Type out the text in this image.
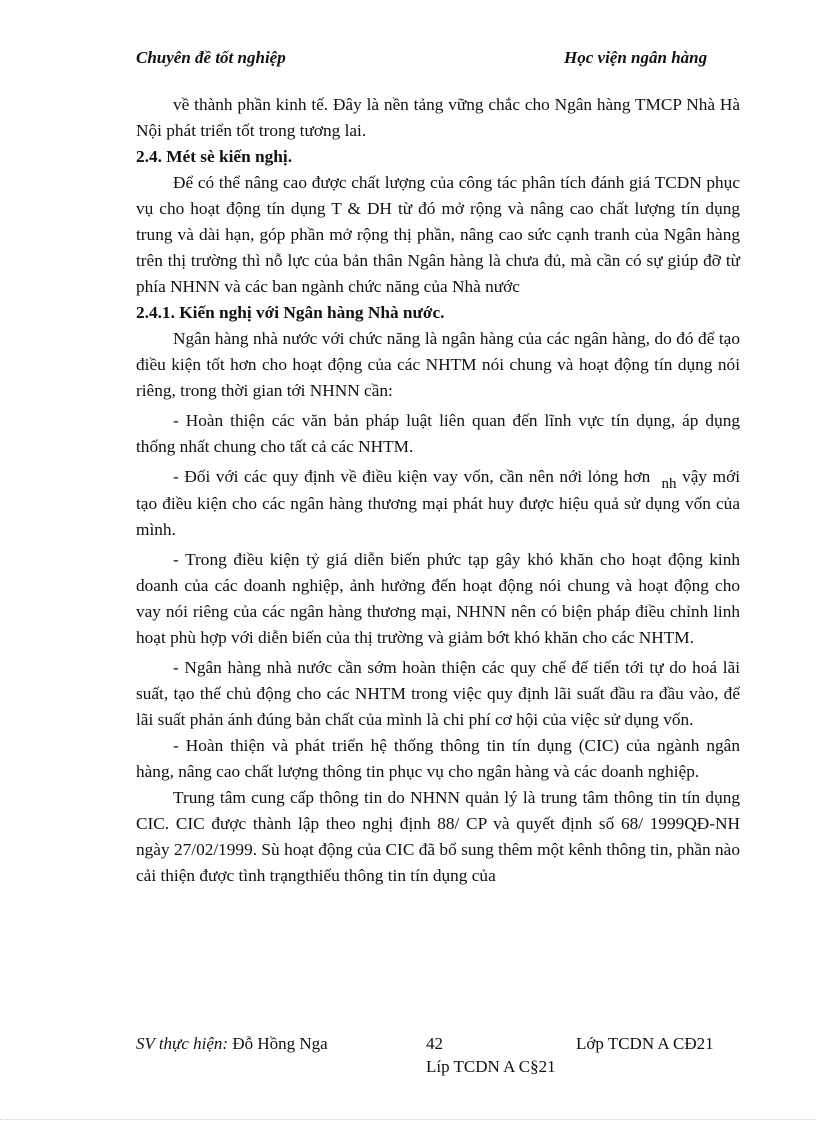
Chuyên đề tốt nghiệp	Học viện ngân hàng

về thành phần kinh tế. Đây là nền tảng vững chắc cho Ngân hàng TMCP Nhà Hà Nội phát triển tốt trong tương lai.

2.4. Mét sè kiến nghị.

Để có thể nâng cao được chất lượng của công tác phân tích đánh giá TCDN phục vụ cho hoạt động tín dụng T & DH từ đó mở rộng và nâng cao chất lượng tín dụng trung và dài hạn, góp phần mở rộng thị phần, nâng cao sức cạnh tranh của Ngân hàng trên thị trường thì nỗ lực của bản thân Ngân hàng là chưa đủ, mà cần có sự giúp đỡ từ phía NHNN và các ban ngành chức năng của Nhà nước

2.4.1. Kiến nghị với Ngân hàng Nhà nước.

Ngân hàng nhà nước với chức năng là ngân hàng của các ngân hàng, do đó để tạo điều kiện tốt hơn cho hoạt động của các NHTM nói chung và hoạt động tín dụng nói riêng, trong thời gian tới NHNN cần:

- Hoàn thiện các văn bản pháp luật liên quan đến lĩnh vực tín dụng, áp dụng thống nhất chung cho tất cả các NHTM.

- Đối với các quy định về điều kiện vay vốn, cần nên nới lỏng hơn nh vậy mới tạo điều kiện cho các ngân hàng thương mại phát huy được hiệu quả sử dụng vốn của mình.

- Trong điều kiện tỷ giá diễn biến phức tạp gây khó khăn cho hoạt động kinh doanh của các doanh nghiệp, ảnh hưởng đến hoạt động nói chung và hoạt động cho vay nói riêng của các ngân hàng thương mại, NHNN nên có biện pháp điều chỉnh linh hoạt phù hợp với diễn biến của thị trường và giảm bớt khó khăn cho các NHTM.

- Ngân hàng nhà nước cần sớm hoàn thiện các quy chế để tiến tới tự do hoá lãi suất, tạo thế chủ động cho các NHTM trong việc quy định lãi suất đầu ra đầu vào, để lãi suất phản ánh đúng bản chất của mình là chi phí cơ hội của việc sử dụng vốn.

- Hoàn thiện và phát triển hệ thống thông tin tín dụng (CIC) của ngành ngân hàng, nâng cao chất lượng thông tin phục vụ cho ngân hàng và các doanh nghiệp.

Trung tâm cung cấp thông tin do NHNN quản lý là trung tâm thông tin tín dụng CIC. CIC được thành lập theo nghị định 88/ CP và quyết định số 68/ 1999QĐ-NH ngày 27/02/1999. Sù hoạt động của CIC đã bổ sung thêm một kênh thông tin, phần nào cải thiện được tình trạngthiếu thông tin tín dụng của

SV thực hiện: Đỗ Hồng Nga	42	Lớp TCDN A CĐ21
Líp TCDN A C§21
